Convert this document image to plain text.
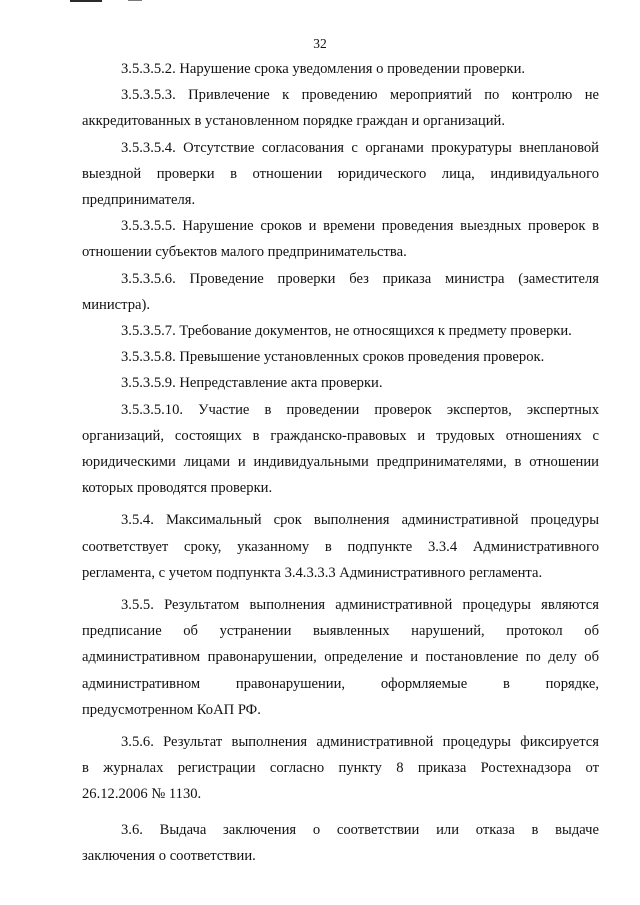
32

3.5.3.5.2. Нарушение срока уведомления о проведении проверки.

3.5.3.5.3. Привлечение к проведению мероприятий по контролю не
аккредитованных в установленном порядке граждан и организаций.

3.5.3.5.4. Отсутствие согласования с органами прокуратуры внеплановой
выездной проверки в отношении юридического лица, индивидуального
предпринимателя.

3.5.3.5.5. Нарушение сроков и времени проведения выездных проверок в
отношении субъектов малого предпринимательства.

3.5.3.5.6. Проведение проверки без приказа министра (заместителя
министра).

3.5.3.5.7. Требование документов, не относящихся к предмету проверки.

3.5.3.5.8. Превышение установленных сроков проведения проверок.

3.5.3.5.9. Непредставление акта проверки.

3.5.3.5.10. Участие в проведении проверок экспертов, экспертных
организаций, состоящих в гражданско-правовых и трудовых отношениях с
юридическими лицами и индивидуальными предпринимателями, в отношении
которых проводятся проверки.

3.5.4. Максимальный срок выполнения административной процедуры
соответствует сроку, указанному в подпункте 3.3.4 Административного
регламента, с учетом подпункта 3.4.3.3.3 Административного регламента.

3.5.5. Результатом выполнения административной процедуры являются
предписание об устранении выявленных нарушений, протокол об
административном правонарушении, определение и постановление по делу об
административном правонарушении, оформляемые в порядке,
предусмотренном КоАП РФ.

3.5.6. Результат выполнения административной процедуры фиксируется
в журналах регистрации согласно пункту 8 приказа Ростехнадзора от
26.12.2006 № 1130.

3.6. Выдача заключения о соответствии или отказа в выдаче
заключения о соответствии.
